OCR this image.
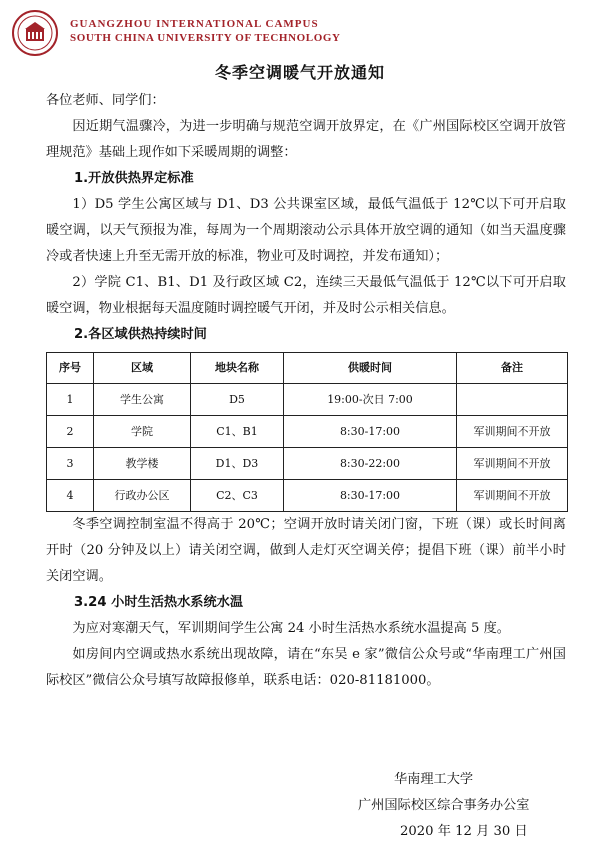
GUANGZHOU INTERNATIONAL CAMPUS
SOUTH CHINA UNIVERSITY OF TECHNOLOGY
冬季空调暖气开放通知

各位老师、同学们：

因近期气温骤冷，为进一步明确与规范空调开放界定，在《广州国际校区空调开放管理规范》基础上现作如下采暖周期的调整：

1.开放供热界定标准

1）D5 学生公寓区域与 D1、D3 公共课室区域，最低气温低于 12℃以下可开启取暖空调，以天气预报为准，每周为一个周期滚动公示具体开放空调的通知（如当天温度骤冷或者快速上升至无需开放的标准，物业可及时调控，并发布通知）；

2）学院 C1、B1、D1 及行政区域 C2，连续三天最低气温低于 12℃以下可开启取暖空调，物业根据每天温度随时调控暖气开闭，并及时公示相关信息。

2.各区域供热持续时间

序号	区域	地块名称	供暖时间	备注
1	学生公寓	D5	19:00-次日 7:00	
2	学院	C1、B1	8:30-17:00	军训期间不开放
3	教学楼	D1、D3	8:30-22:00	军训期间不开放
4	行政办公区	C2、C3	8:30-17:00	军训期间不开放

冬季空调控制室温不得高于 20℃；空调开放时请关闭门窗，下班（课）或长时间离开时（20 分钟及以上）请关闭空调，做到人走灯灭空调关停；提倡下班（课）前半小时关闭空调。

3.24 小时生活热水系统水温

为应对寒潮天气，军训期间学生公寓 24 小时生活热水系统水温提高 5 度。

如房间内空调或热水系统出现故障，请在“东吴 e 家”微信公众号或“华南理工广州国际校区”微信公众号填写故障报修单，联系电话：020-81181000。

华南理工大学
广州国际校区综合事务办公室
2020 年 12 月 30 日
